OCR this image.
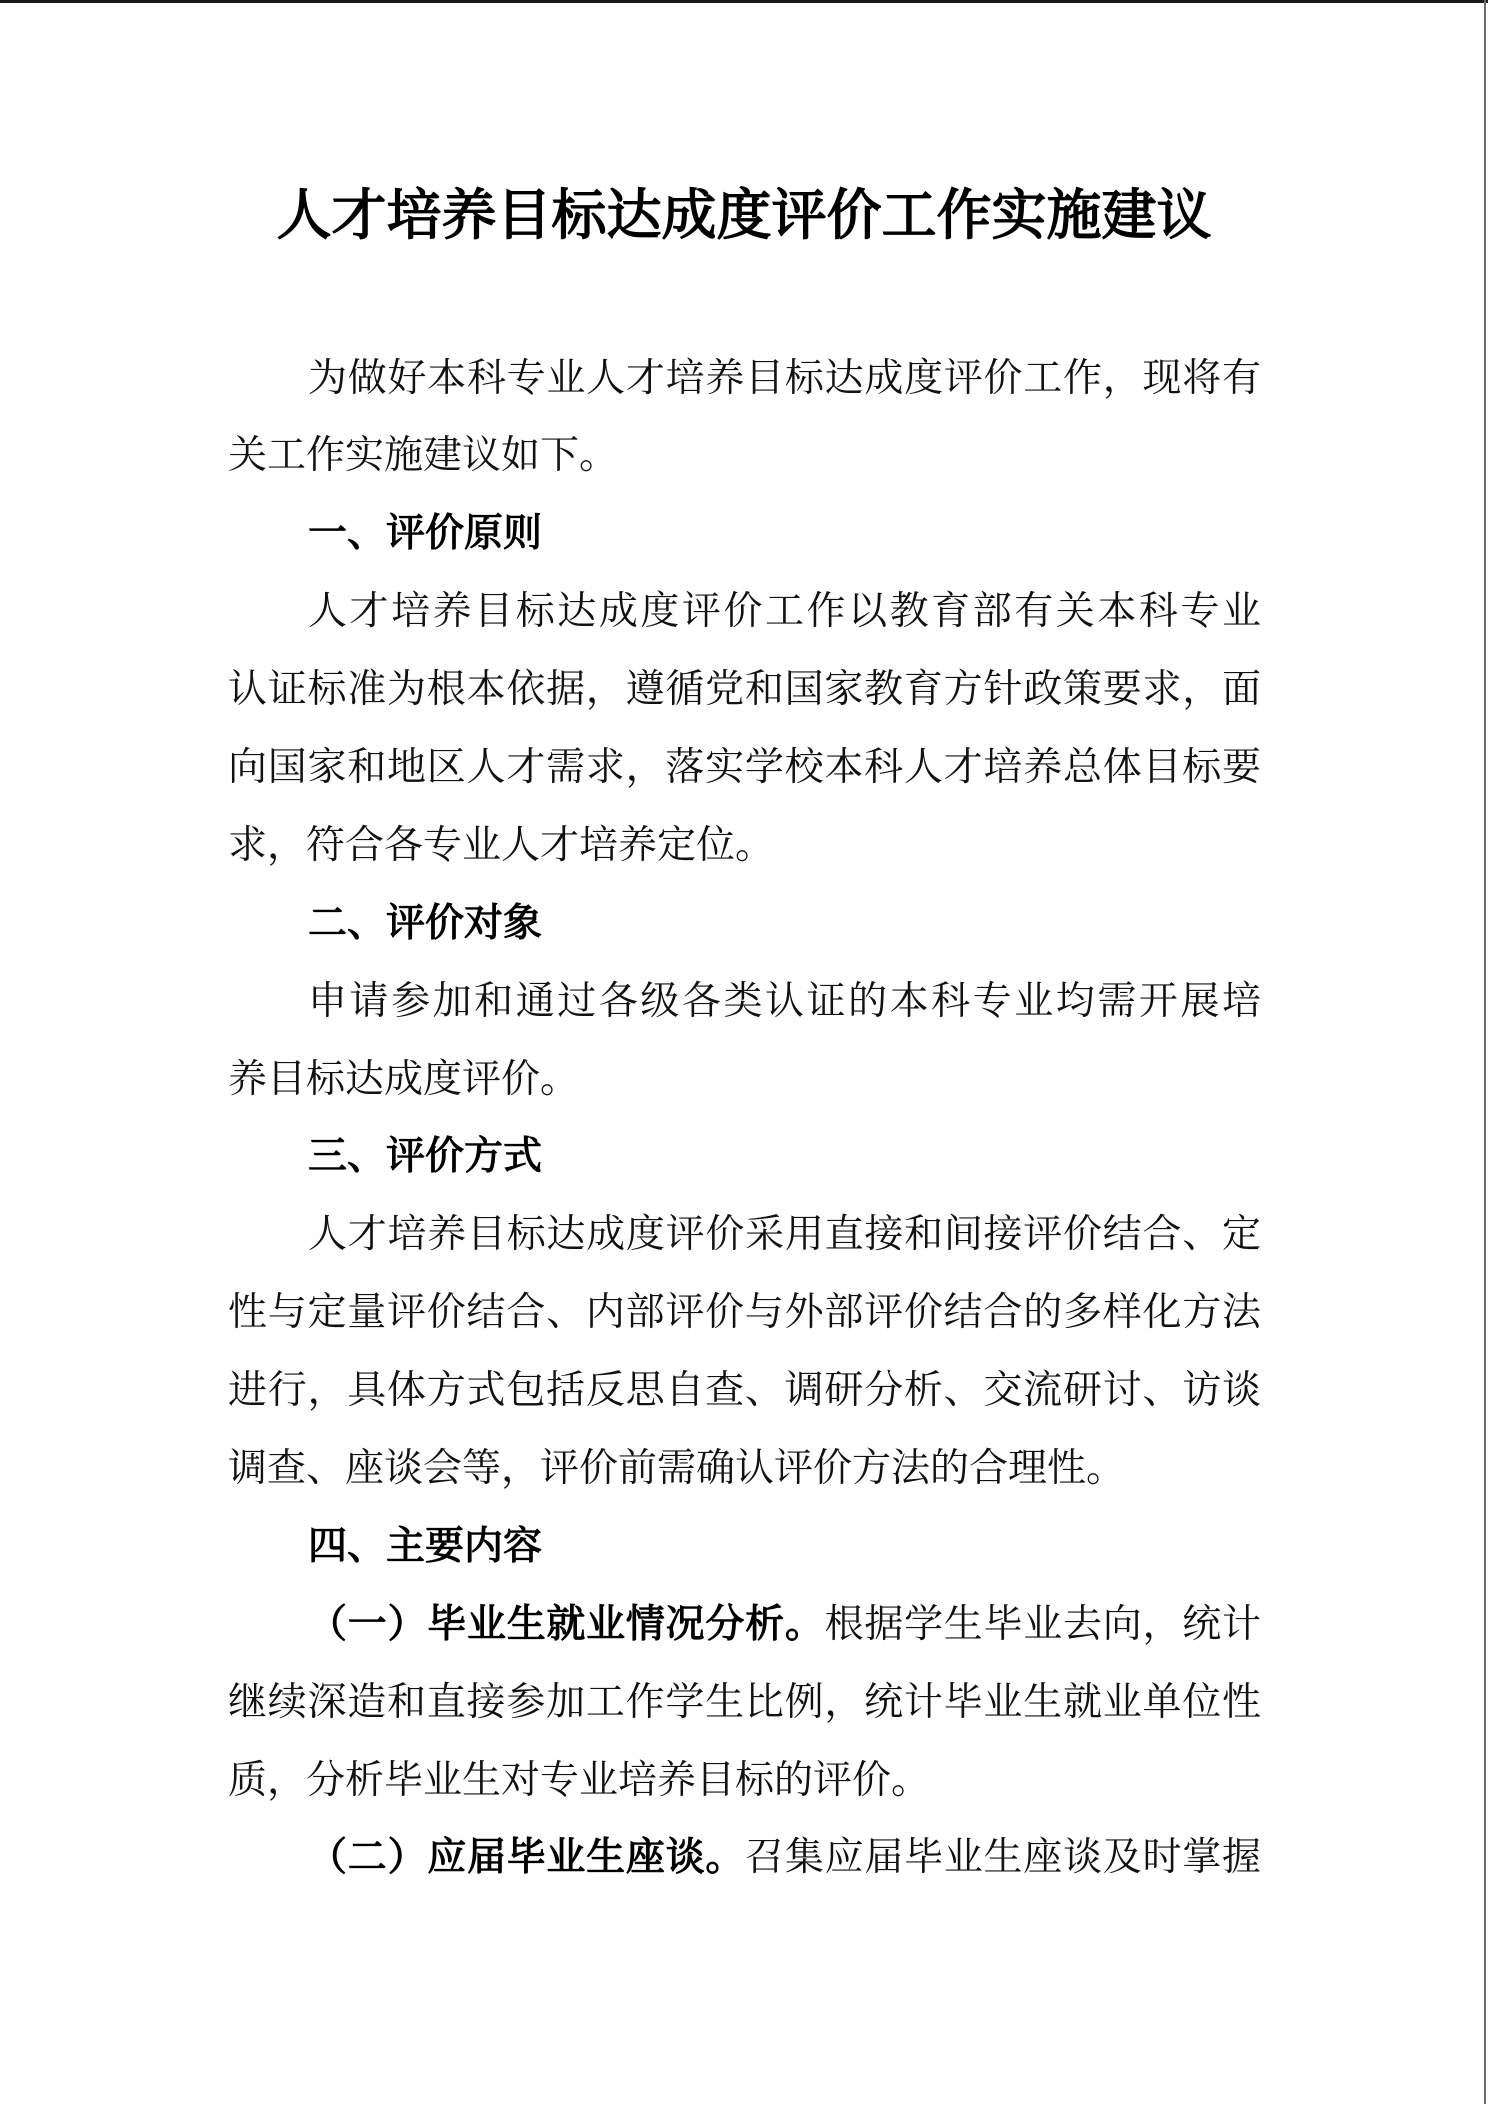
人才培养目标达成度评价工作实施建议
为做好本科专业人才培养目标达成度评价工作，现将有
关工作实施建议如下。
一、评价原则
人才培养目标达成度评价工作以教育部有关本科专业
认证标准为根本依据，遵循党和国家教育方针政策要求，面
向国家和地区人才需求，落实学校本科人才培养总体目标要
求，符合各专业人才培养定位。
二、评价对象
申请参加和通过各级各类认证的本科专业均需开展培
养目标达成度评价。
三、评价方式
人才培养目标达成度评价采用直接和间接评价结合、定
性与定量评价结合、内部评价与外部评价结合的多样化方法
进行，具体方式包括反思自查、调研分析、交流研讨、访谈
调查、座谈会等，评价前需确认评价方法的合理性。
四、主要内容
（一）毕业生就业情况分析。根据学生毕业去向，统计
继续深造和直接参加工作学生比例，统计毕业生就业单位性
质，分析毕业生对专业培养目标的评价。
（二）应届毕业生座谈。召集应届毕业生座谈及时掌握
